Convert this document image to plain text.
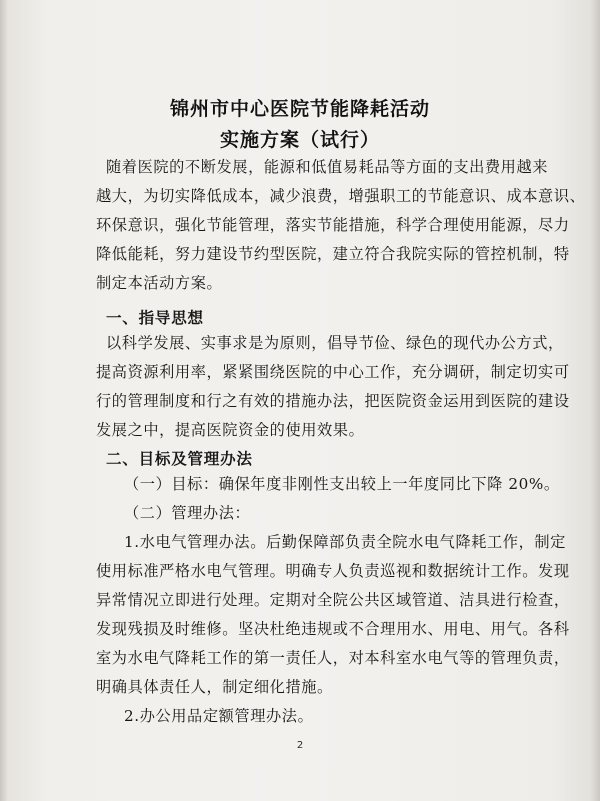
锦州市中心医院节能降耗活动
实施方案（试行）
随着医院的不断发展，能源和低值易耗品等方面的支出费用越来
越大，为切实降低成本，减少浪费，增强职工的节能意识、成本意识、
环保意识，强化节能管理，落实节能措施，科学合理使用能源，尽力
降低能耗，努力建设节约型医院，建立符合我院实际的管控机制，特
制定本活动方案。
一、指导思想
以科学发展、实事求是为原则，倡导节俭、绿色的现代办公方式，
提高资源利用率，紧紧围绕医院的中心工作，充分调研，制定切实可
行的管理制度和行之有效的措施办法，把医院资金运用到医院的建设
发展之中，提高医院资金的使用效果。
二、目标及管理办法
（一）目标：确保年度非刚性支出较上一年度同比下降 20%。
（二）管理办法：
1.水电气管理办法。后勤保障部负责全院水电气降耗工作，制定
使用标准严格水电气管理。明确专人负责巡视和数据统计工作。发现
异常情况立即进行处理。定期对全院公共区域管道、洁具进行检查，
发现残损及时维修。坚决杜绝违规或不合理用水、用电、用气。各科
室为水电气降耗工作的第一责任人，对本科室水电气等的管理负责，
明确具体责任人，制定细化措施。
2.办公用品定额管理办法。
2
